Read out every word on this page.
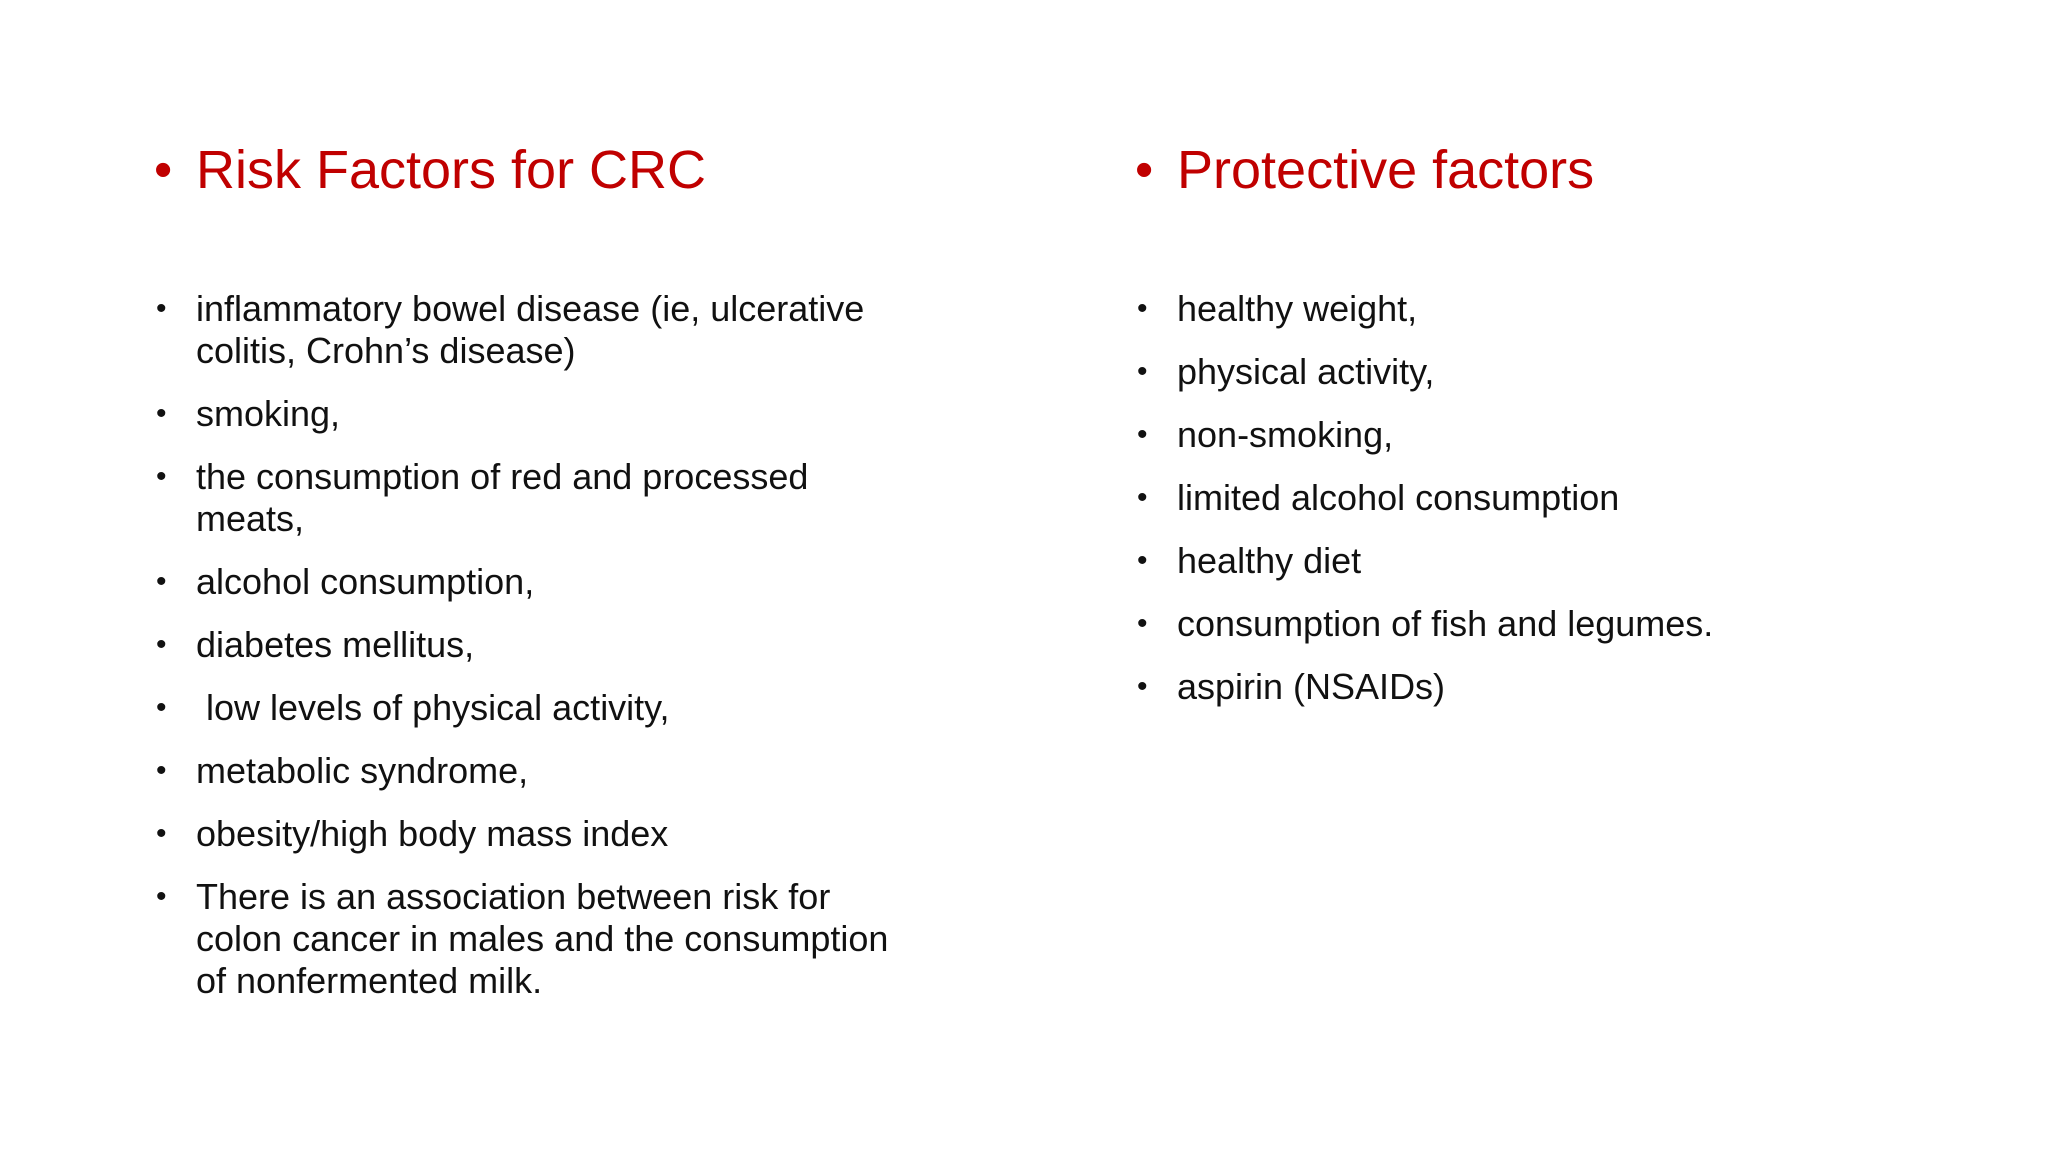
• Risk Factors for CRC
• inflammatory bowel disease (ie, ulcerative colitis, Crohn’s disease)
• smoking,
• the consumption of red and processed meats,
• alcohol consumption,
• diabetes mellitus,
• low levels of physical activity,
• metabolic syndrome,
• obesity/high body mass index
• There is an association between risk for colon cancer in males and the consumption of nonfermented milk.
• Protective factors
• healthy weight,
• physical activity,
• non-smoking,
• limited alcohol consumption
• healthy diet
• consumption of fish and legumes.
• aspirin (NSAIDs)
